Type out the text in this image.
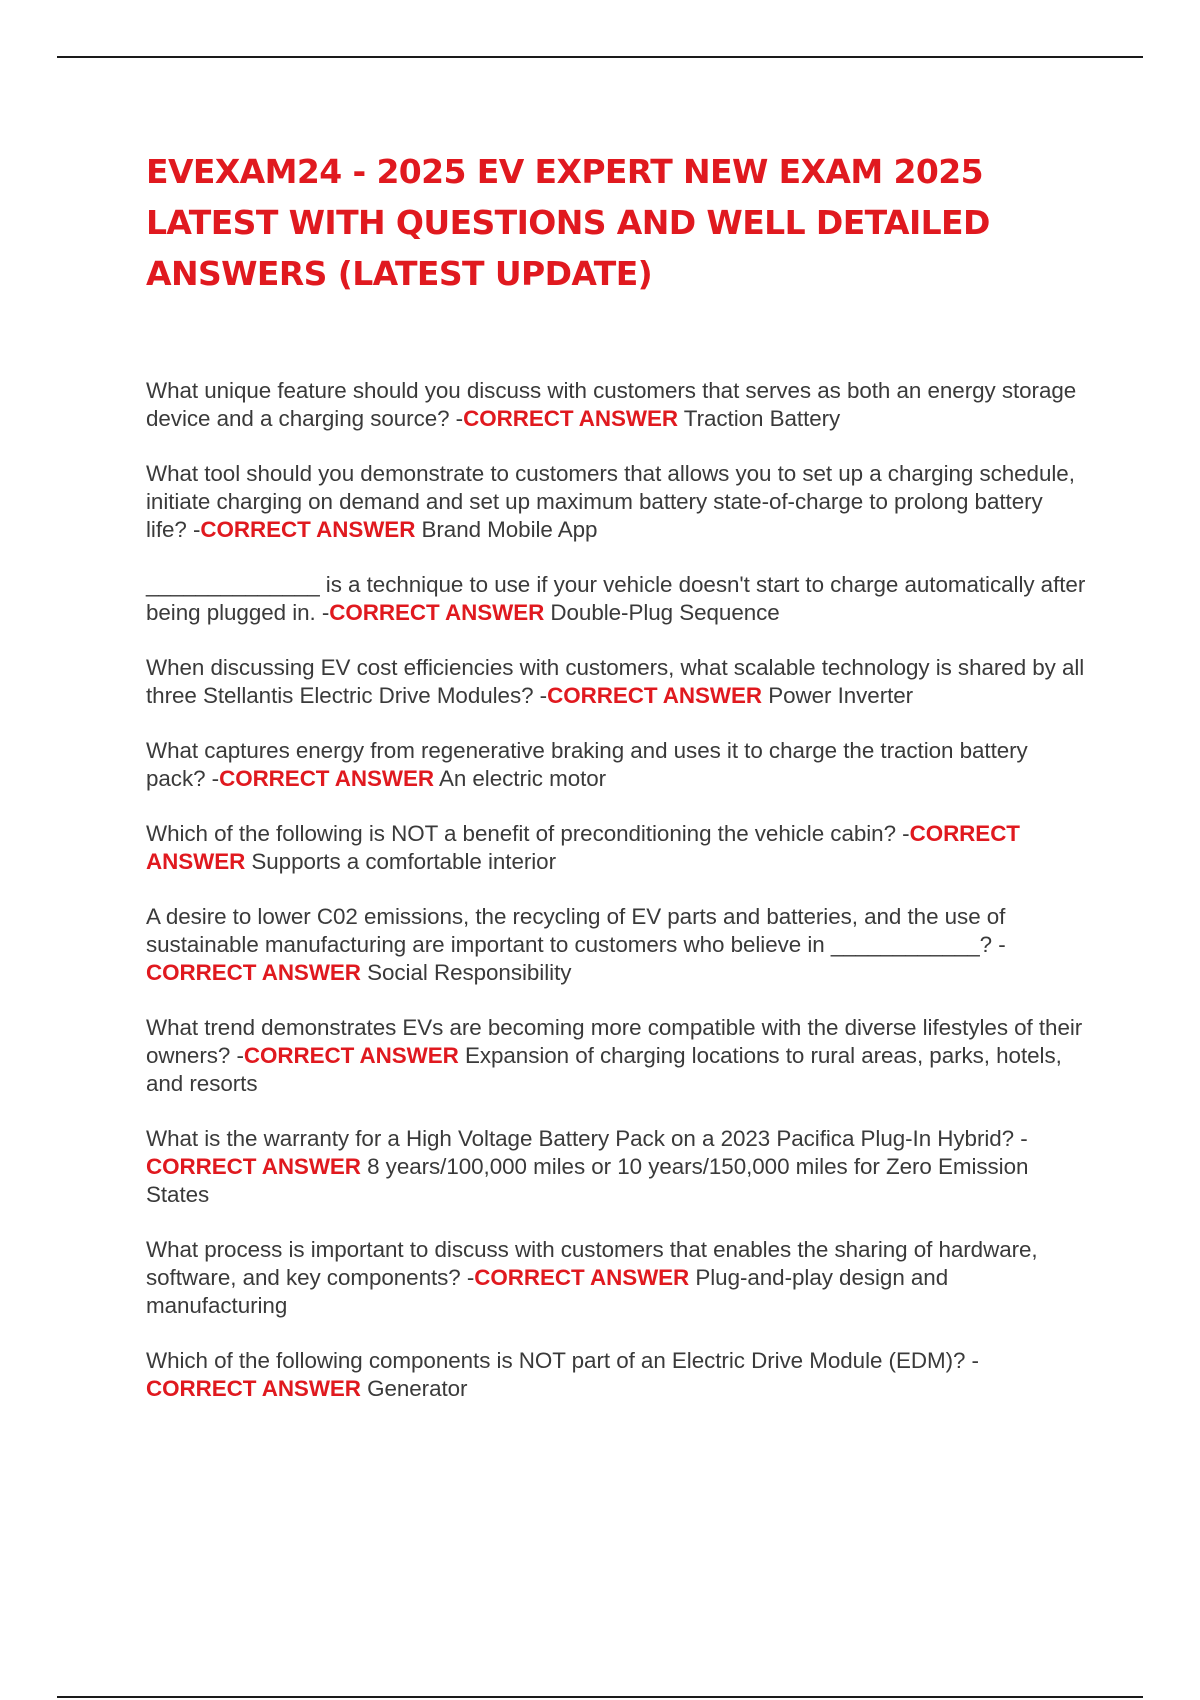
EVEXAM24 - 2025 EV EXPERT NEW EXAM 2025 LATEST WITH QUESTIONS AND WELL DETAILED ANSWERS (LATEST UPDATE)
What unique feature should you discuss with customers that serves as both an energy storage device and a charging source? -CORRECT ANSWER Traction Battery
What tool should you demonstrate to customers that allows you to set up a charging schedule, initiate charging on demand and set up maximum battery state-of-charge to prolong battery life? -CORRECT ANSWER Brand Mobile App
______________ is a technique to use if your vehicle doesn't start to charge automatically after being plugged in. -CORRECT ANSWER Double-Plug Sequence
When discussing EV cost efficiencies with customers, what scalable technology is shared by all three Stellantis Electric Drive Modules? -CORRECT ANSWER Power Inverter
What captures energy from regenerative braking and uses it to charge the traction battery pack? -CORRECT ANSWER An electric motor
Which of the following is NOT a benefit of preconditioning the vehicle cabin? -CORRECT ANSWER Supports a comfortable interior
A desire to lower C02 emissions, the recycling of EV parts and batteries, and the use of sustainable manufacturing are important to customers who believe in ____________? -CORRECT ANSWER Social Responsibility
What trend demonstrates EVs are becoming more compatible with the diverse lifestyles of their owners? -CORRECT ANSWER Expansion of charging locations to rural areas, parks, hotels, and resorts
What is the warranty for a High Voltage Battery Pack on a 2023 Pacifica Plug-In Hybrid? -CORRECT ANSWER 8 years/100,000 miles or 10 years/150,000 miles for Zero Emission States
What process is important to discuss with customers that enables the sharing of hardware, software, and key components? -CORRECT ANSWER Plug-and-play design and manufacturing
Which of the following components is NOT part of an Electric Drive Module (EDM)? -CORRECT ANSWER Generator
